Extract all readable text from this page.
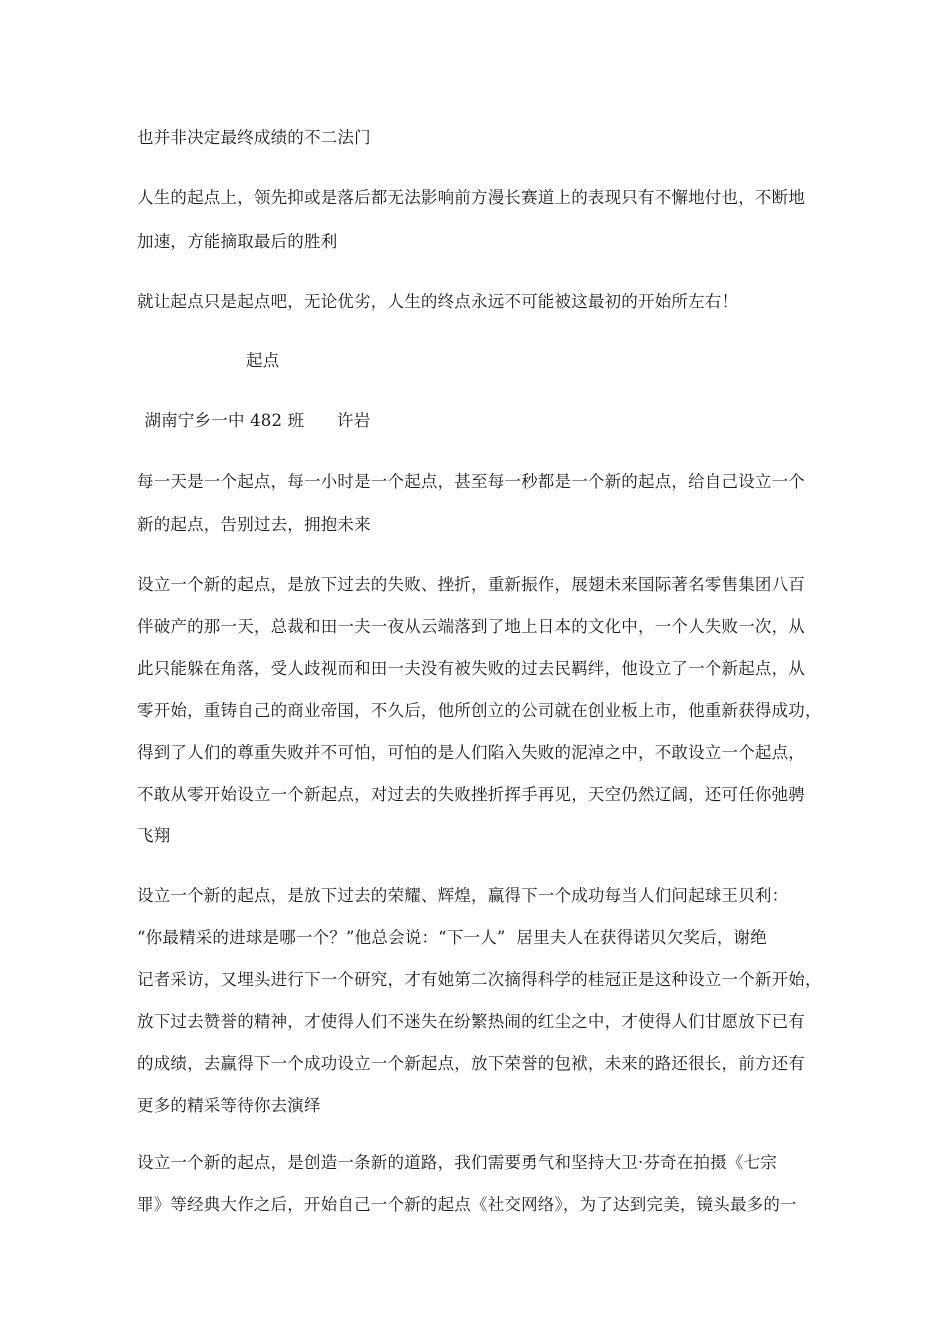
也并非决定最终成绩的不二法门
人生的起点上，领先抑或是落后都无法影响前方漫长赛道上的表现只有不懈地付也，不断地
加速，方能摘取最后的胜利
就让起点只是起点吧，无论优劣，人生的终点永远不可能被这最初的开始所左右！
起点
湖南宁乡一中 482 班      许岩
每一天是一个起点，每一小时是一个起点，甚至每一秒都是一个新的起点，给自己设立一个
新的起点，告别过去，拥抱未来
设立一个新的起点，是放下过去的失败、挫折，重新振作，展翅未来国际著名零售集团八百
伴破产的那一天，总裁和田一夫一夜从云端落到了地上日本的文化中，一个人失败一次，从
此只能躲在角落，受人歧视而和田一夫没有被失败的过去民羁绊，他设立了一个新起点，从
零开始，重铸自己的商业帝国，不久后，他所创立的公司就在创业板上市，他重新获得成功，
得到了人们的尊重失败并不可怕，可怕的是人们陷入失败的泥淖之中，不敢设立一个起点，
不敢从零开始设立一个新起点，对过去的失败挫折挥手再见，天空仍然辽阔，还可任你弛骋
飞翔
设立一个新的起点，是放下过去的荣耀、辉煌，赢得下一个成功每当人们问起球王贝利：
“你最精采的进球是哪一个？”他总会说：“下一人”  居里夫人在获得诺贝欠奖后，谢绝
记者采访，又埋头进行下一个研究，才有她第二次摘得科学的桂冠正是这种设立一个新开始，
放下过去赞誉的精神，才使得人们不迷失在纷繁热闹的红尘之中，才使得人们甘愿放下已有
的成绩，去赢得下一个成功设立一个新起点，放下荣誉的包袱，未来的路还很长，前方还有
更多的精采等待你去演绎
设立一个新的起点，是创造一条新的道路，我们需要勇气和坚持大卫·芬奇在拍摄《七宗
罪》等经典大作之后，开始自己一个新的起点《社交网络》，为了达到完美，镜头最多的一
